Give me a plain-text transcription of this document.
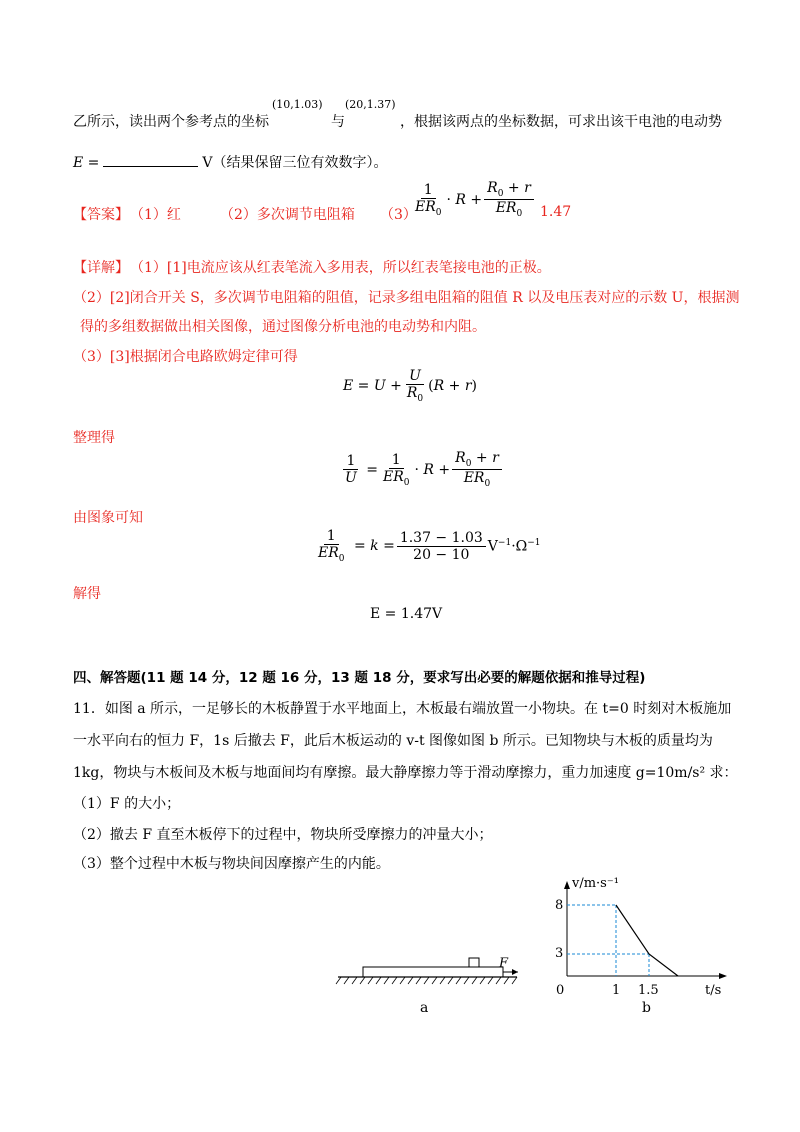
乙所示，读出两个参考点的坐标
(10,1.03)
与
(20,1.37)
，根据该两点的坐标数据，可求出该干电池的电动势
E =	V（结果保留三位有效数字）。
【答案】 （1）红	（2）多次调节电阻箱 （3）
$\frac{1}{ER_0} \cdot R + \frac{R_0 + r}{ER_0} 1.47$
【详解】 （1）[1]电流应该从红表笔流入多用表，所以红表笔接电池的正极。
（2）[2]闭合开关 S，多次调节电阻箱的阻值，记录多组电阻箱的阻值 R 以及电压表对应的示数 U，根据测
得的多组数据做出相关图像，通过图像分析电池的电动势和内阻。
（3）[3]根据闭合电路欧姆定律可得
$E = U + \frac{U}{R_0} (R + r)$
整理得
$\frac{1}{U} = \frac{1}{ER_0} \cdot R + \frac{R_0 + r}{ER_0}$
由图象可知
$\frac{1}{ER_0} = k = \frac{1.37 - 1.03}{20 - 10} V^{-1}\cdot\Omega^{-1}$
解得
E = 1.47V
四、解答题(11 题 14 分，12 题 16 分，13 题 18 分，要求写出必要的解题依据和推导过程)
11．如图 a 所示，一足够长的木板静置于水平地面上，木板最右端放置一小物块。在 t=0 时刻对木板施加
一水平向右的恒力 F，1s 后撤去 F，此后木板运动的 v-t 图像如图 b 所示。已知物块与木板的质量均为
1kg，物块与木板间及木板与地面间均有摩擦。最大静摩擦力等于滑动摩擦力，重力加速度 g=10m/s² 求：
（1）F 的大小；
（2）撤去 F 直至木板停下的过程中，物块所受摩擦力的冲量大小；
（3）整个过程中木板与物块间因摩擦产生的内能。
F
a
v/m·s⁻¹
t/s
0
8
3
1 1.5
b
